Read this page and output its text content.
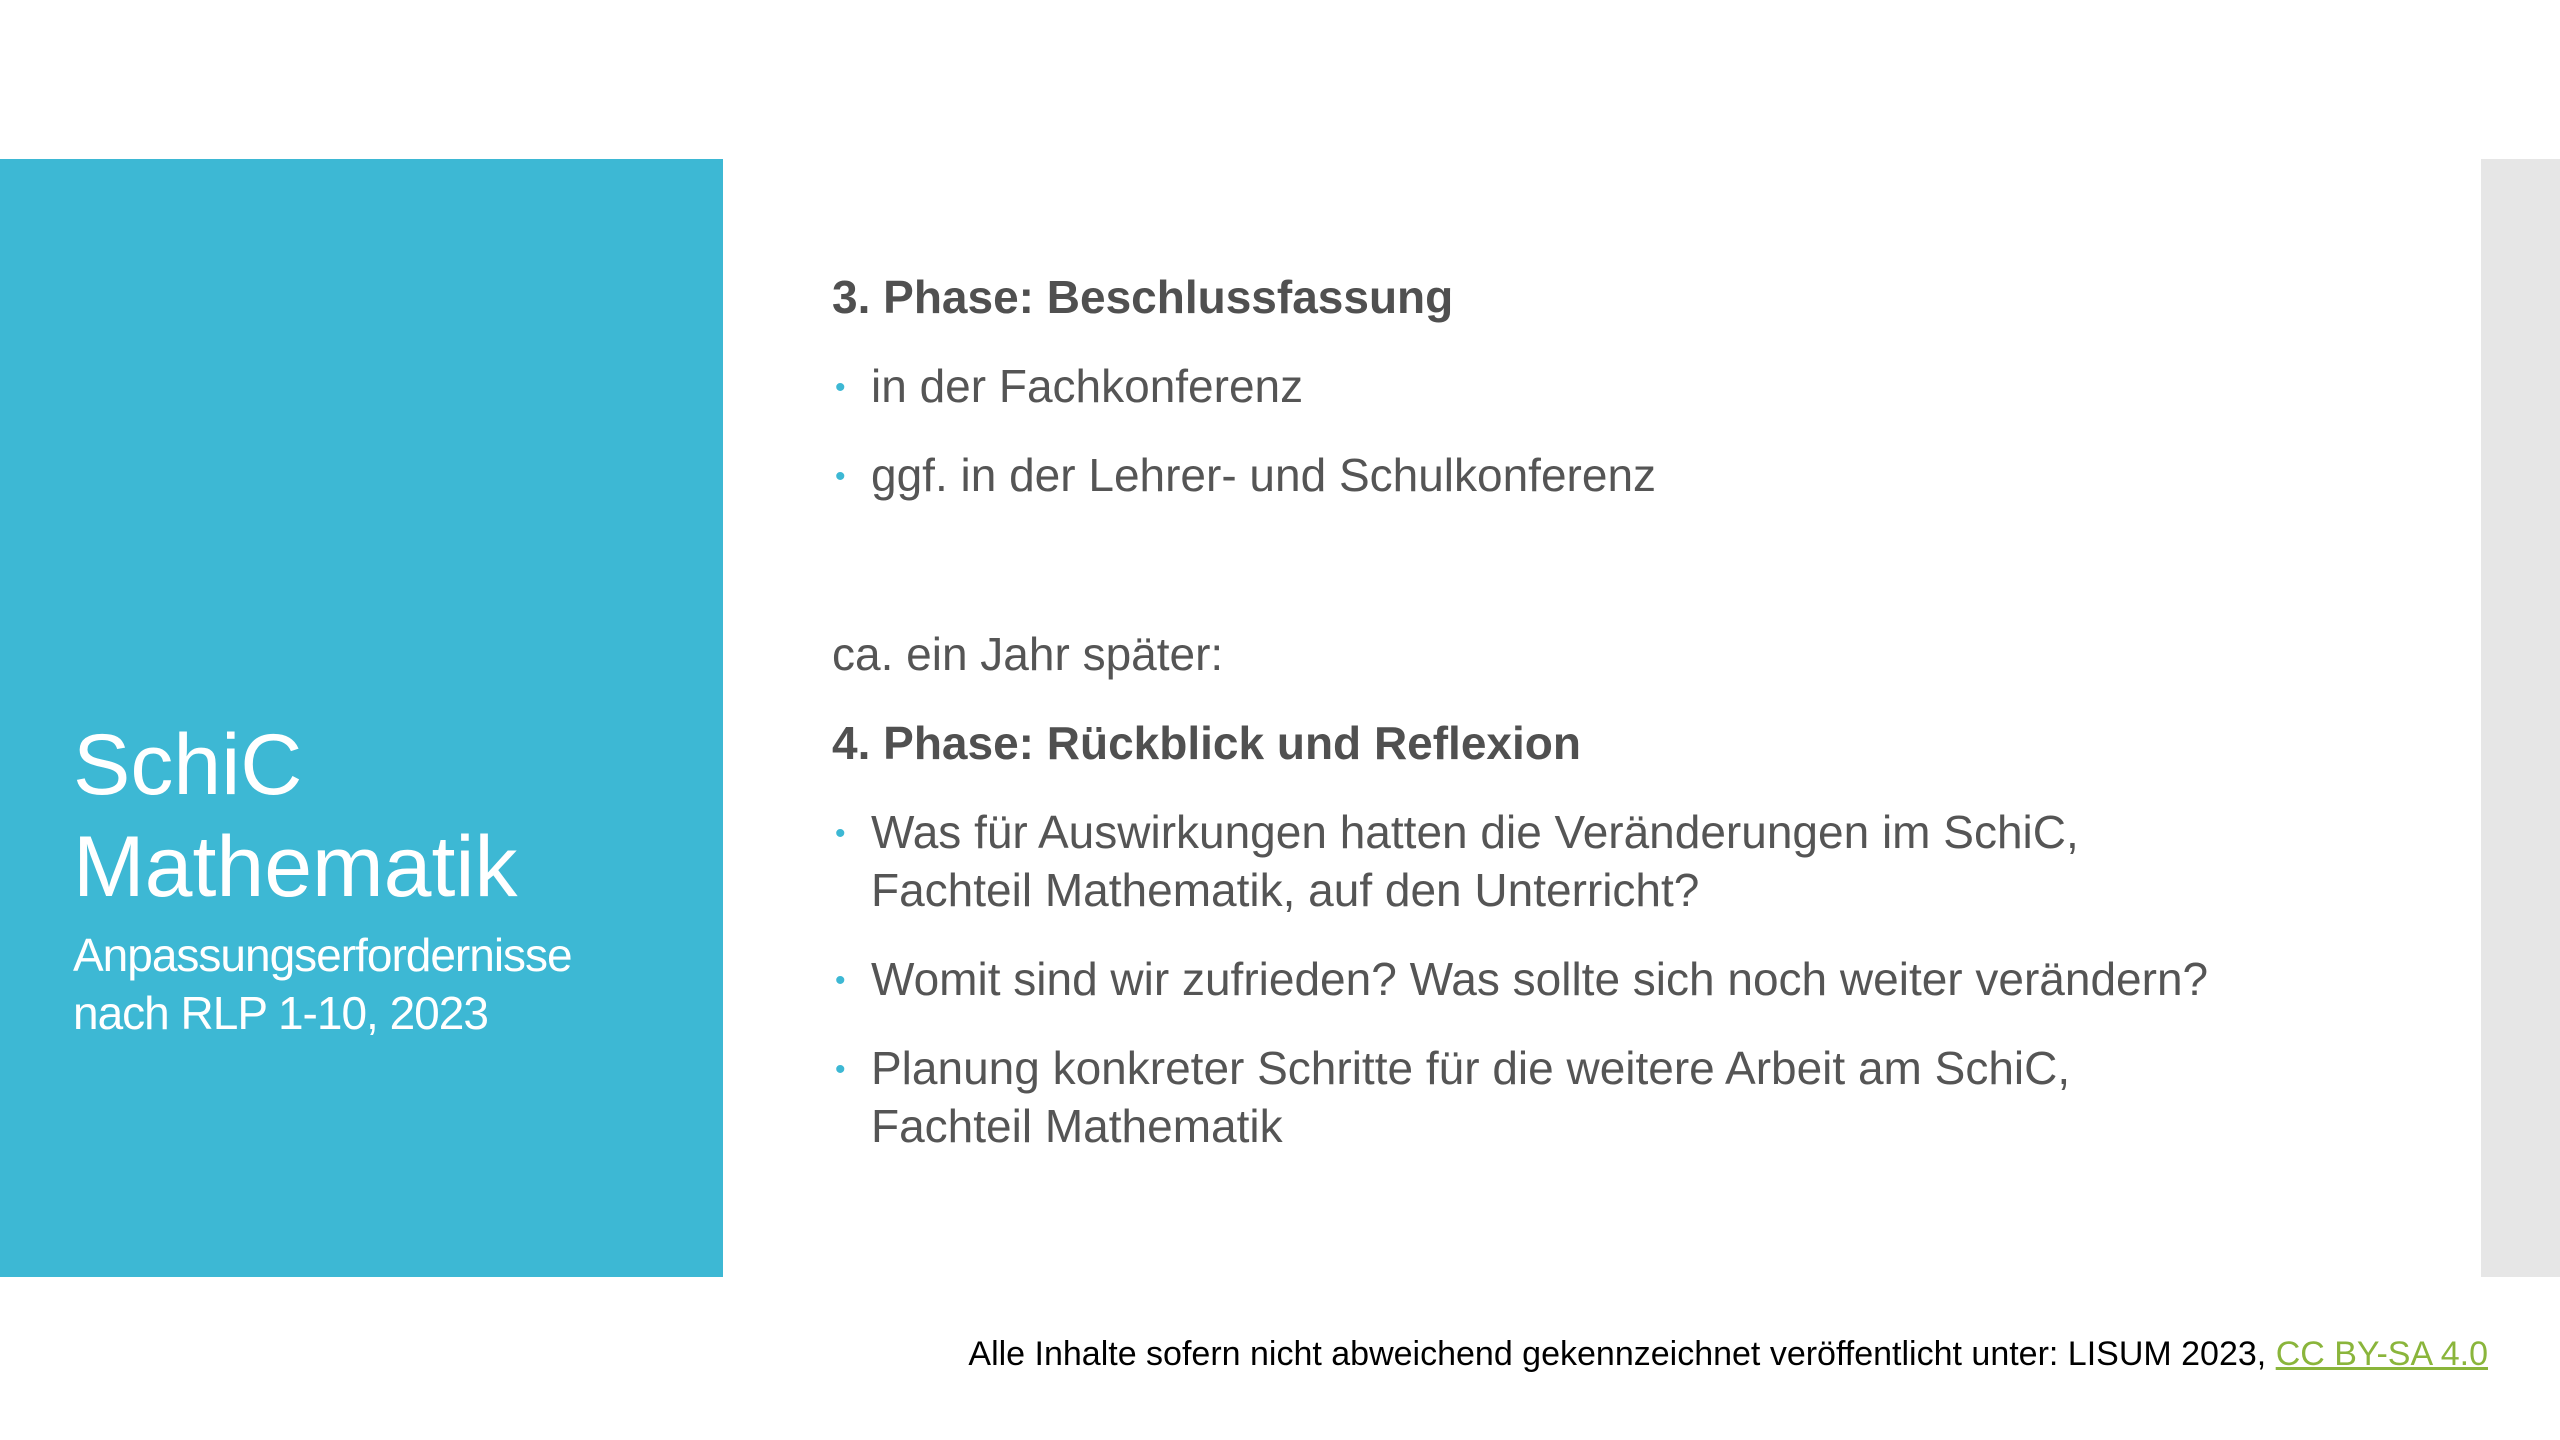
SchiC
Mathematik
Anpassungserfordernisse
nach RLP 1-10, 2023

3. Phase: Beschlussfassung

• in der Fachkonferenz
• ggf. in der Lehrer- und Schulkonferenz

ca. ein Jahr später:

4. Phase: Rückblick und Reflexion

• Was für Auswirkungen hatten die Veränderungen im SchiC,
Fachteil Mathematik, auf den Unterricht?
• Womit sind wir zufrieden? Was sollte sich noch weiter verändern?
• Planung konkreter Schritte für die weitere Arbeit am SchiC,
Fachteil Mathematik
Alle Inhalte sofern nicht abweichend gekennzeichnet veröffentlicht unter: LISUM 2023, CC BY-SA 4.0
